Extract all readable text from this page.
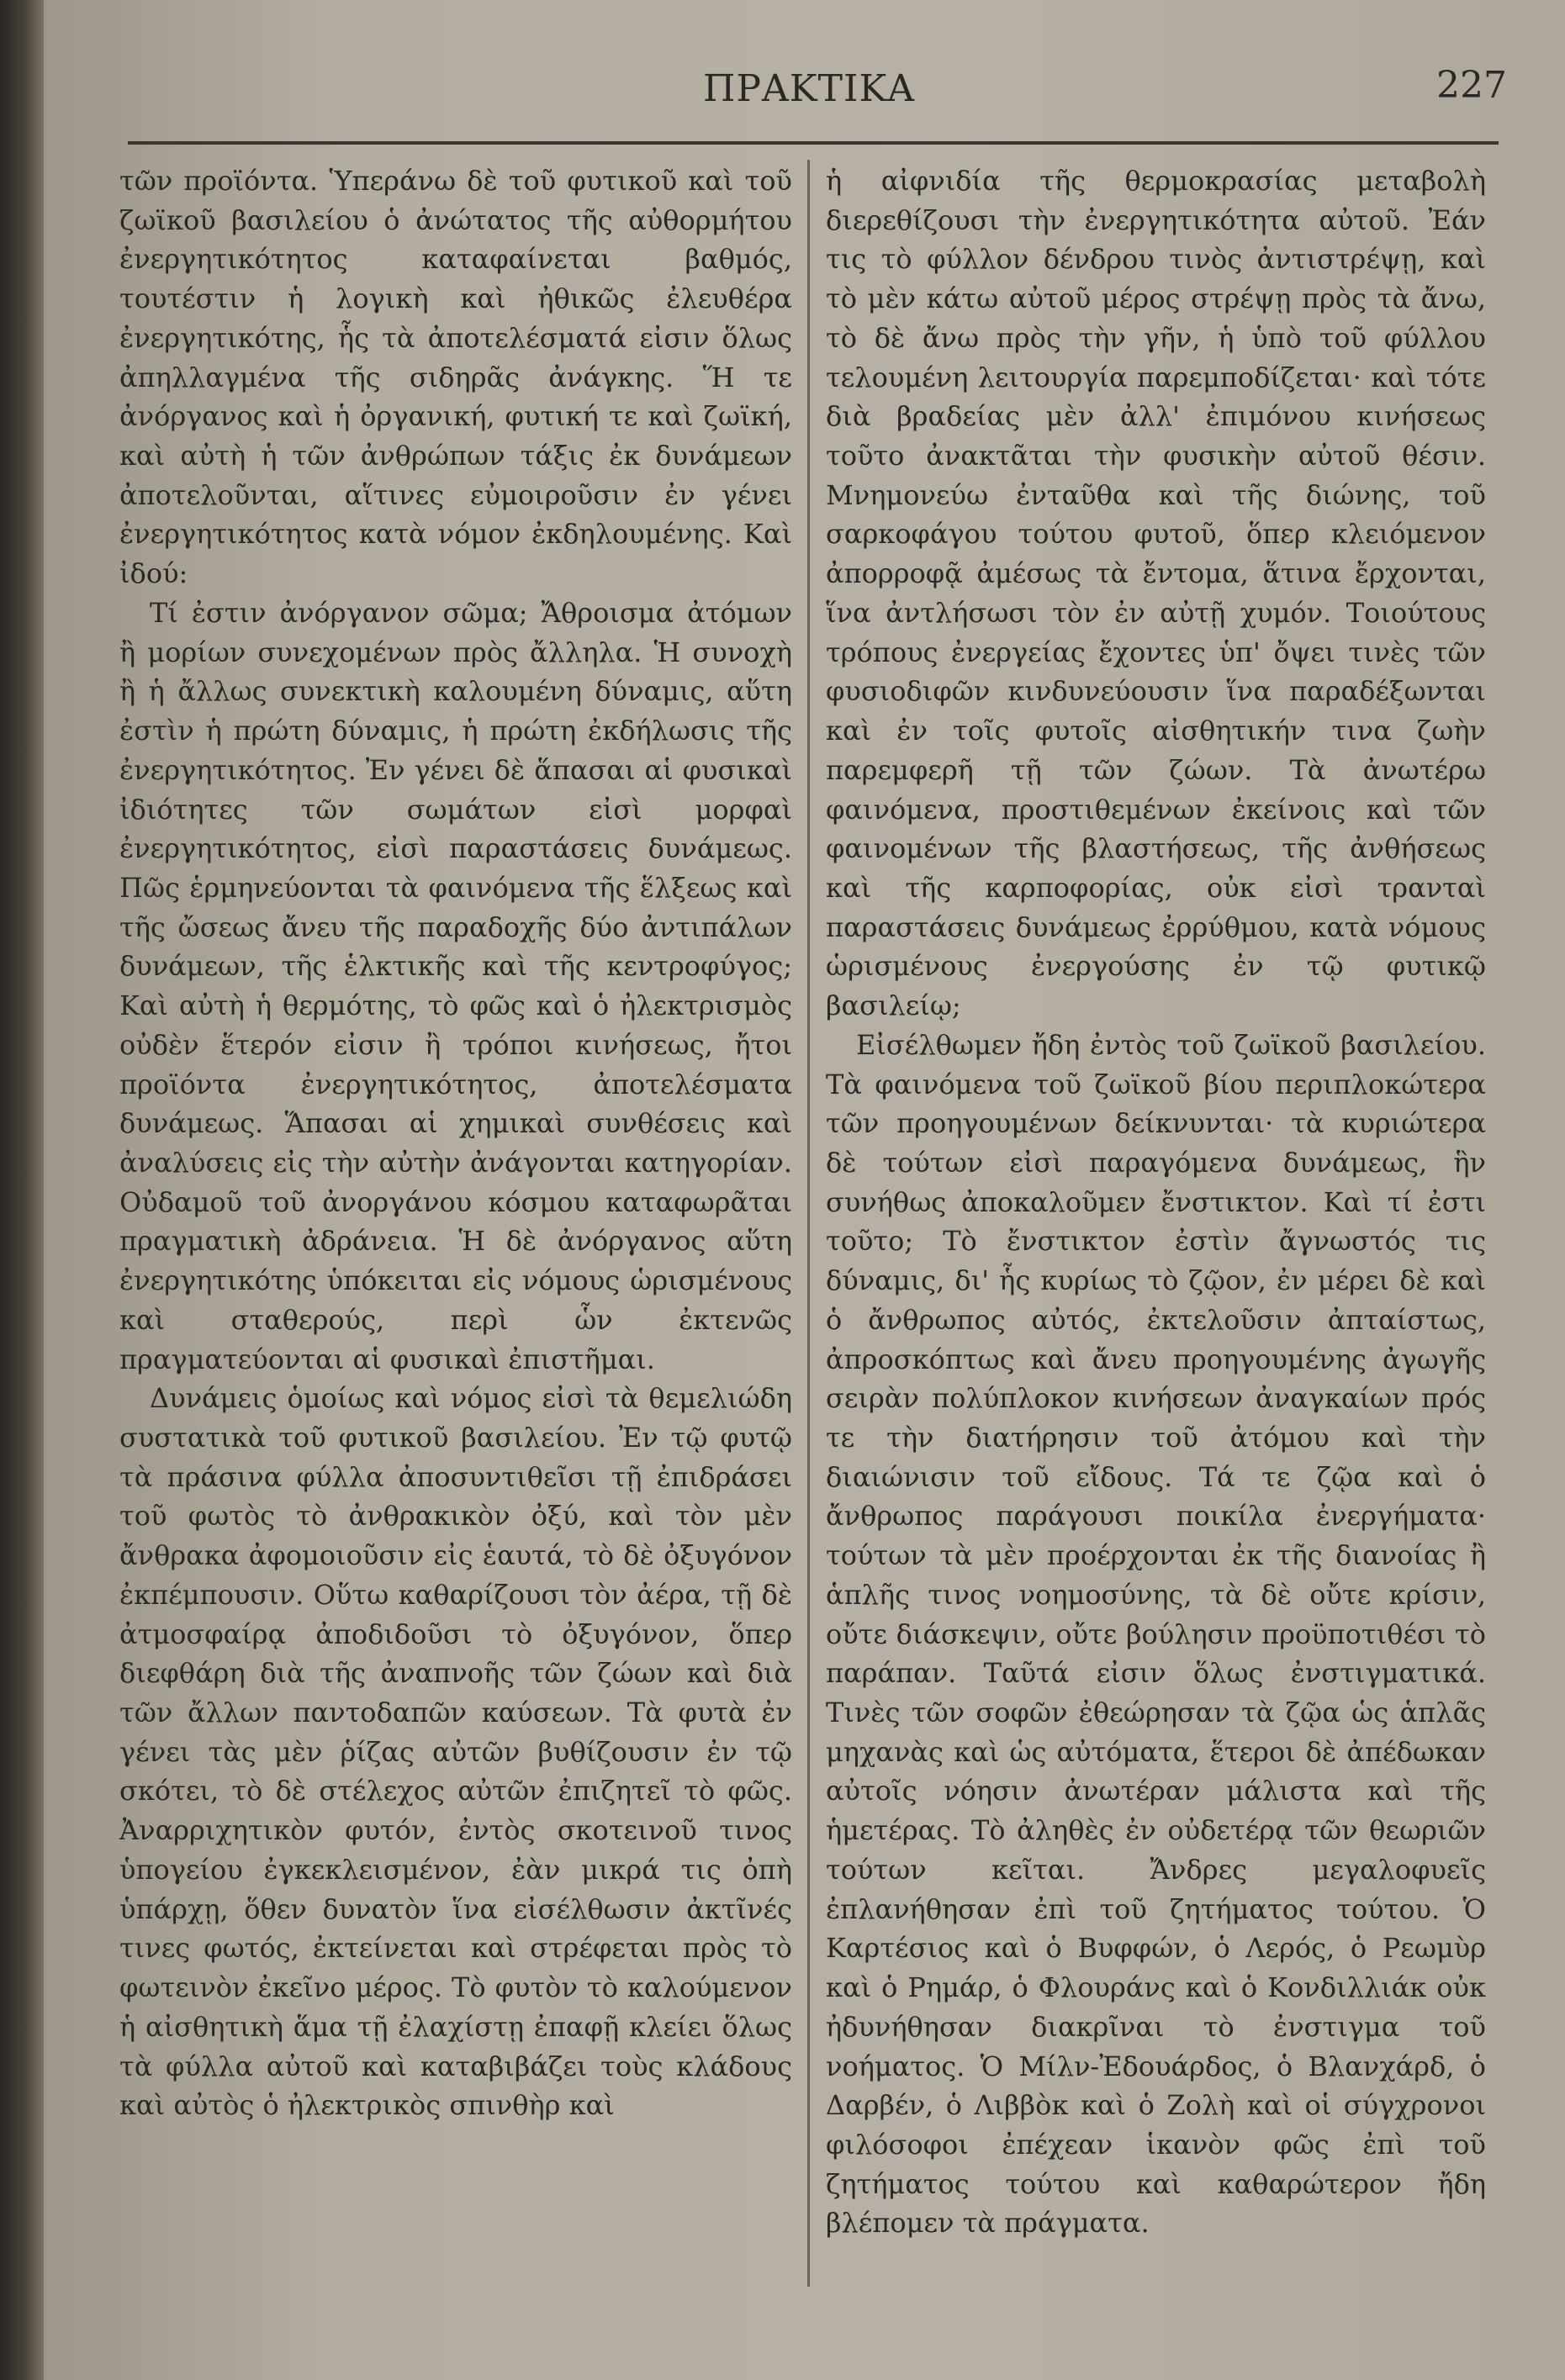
ΠΡΑΚΤΙΚΑ	227

τῶν προϊόντα. Ὑπεράνω δὲ τοῦ φυτικοῦ καὶ τοῦ ζωϊκοῦ βασιλείου ὁ ἀνώτατος τῆς αὐθορμήτου ἐνεργητικότητος καταφαίνεται βαθμός, τουτέστιν ἡ λογικὴ καὶ ἠθικῶς ἐλευθέρα ἐνεργητικότης, ἧς τὰ ἀποτελέσματά εἰσιν ὅλως ἀπηλλαγμένα τῆς σιδηρᾶς ἀνάγκης. Ἥ τε ἀνόργανος καὶ ἡ ὀργανική, φυτική τε καὶ ζωϊκή, καὶ αὐτὴ ἡ τῶν ἀνθρώπων τάξις ἐκ δυνάμεων ἀποτελοῦνται, αἵτινες εὐμοιροῦσιν ἐν γένει ἐνεργητικότητος κατὰ νόμον ἐκδηλουμένης. Καὶ ἰδού:

Τί ἐστιν ἀνόργανον σῶμα; Ἄθροισμα ἀτόμων ἢ μορίων συνεχομένων πρὸς ἄλληλα. Ἡ συνοχὴ ἢ ἡ ἄλλως συνεκτικὴ καλουμένη δύναμις, αὕτη ἐστὶν ἡ πρώτη δύναμις, ἡ πρώτη ἐκδήλωσις τῆς ἐνεργητικότητος. Ἐν γένει δὲ ἅπασαι αἱ φυσικαὶ ἰδιότητες τῶν σωμάτων εἰσὶ μορφαὶ ἐνεργητικότητος, εἰσὶ παραστάσεις δυνάμεως. Πῶς ἑρμηνεύονται τὰ φαινόμενα τῆς ἕλξεως καὶ τῆς ὤσεως ἄνευ τῆς παραδοχῆς δύο ἀντιπάλων δυνάμεων, τῆς ἑλκτικῆς καὶ τῆς κεντροφύγος; Καὶ αὐτὴ ἡ θερμότης, τὸ φῶς καὶ ὁ ἠλεκτρισμὸς οὐδὲν ἕτερόν εἰσιν ἢ τρόποι κινήσεως, ἤτοι προϊόντα ἐνεργητικότητος, ἀποτελέσματα δυνάμεως. Ἅπασαι αἱ χημικαὶ συνθέσεις καὶ ἀναλύσεις εἰς τὴν αὐτὴν ἀνάγονται κατηγορίαν. Οὐδαμοῦ τοῦ ἀνοργάνου κόσμου καταφωρᾶται πραγματικὴ ἀδράνεια. Ἡ δὲ ἀνόργανος αὕτη ἐνεργητικότης ὑπόκειται εἰς νόμους ὡρισμένους καὶ σταθερούς, περὶ ὧν ἐκτενῶς πραγματεύονται αἱ φυσικαὶ ἐπιστῆμαι.

Δυνάμεις ὁμοίως καὶ νόμος εἰσὶ τὰ θεμελιώδη συστατικὰ τοῦ φυτικοῦ βασιλείου. Ἐν τῷ φυτῷ τὰ πράσινα φύλλα ἀποσυντιθεῖσι τῇ ἐπιδράσει τοῦ φωτὸς τὸ ἀνθρακικὸν ὀξύ, καὶ τὸν μὲν ἄνθρακα ἀφομοιοῦσιν εἰς ἑαυτά, τὸ δὲ ὀξυγόνον ἐκπέμπουσιν. Οὕτω καθαρίζουσι τὸν ἀέρα, τῇ δὲ ἀτμοσφαίρᾳ ἀποδιδοῦσι τὸ ὀξυγόνον, ὅπερ διεφθάρη διὰ τῆς ἀναπνοῆς τῶν ζώων καὶ διὰ τῶν ἄλλων παντοδαπῶν καύσεων. Τὰ φυτὰ ἐν γένει τὰς μὲν ῥίζας αὐτῶν βυθίζουσιν ἐν τῷ σκότει, τὸ δὲ στέλεχος αὐτῶν ἐπιζητεῖ τὸ φῶς. Ἀναρριχητικὸν φυτόν, ἐντὸς σκοτεινοῦ τινος ὑπογείου ἐγκεκλεισμένον, ἐὰν μικρά τις ὀπὴ ὑπάρχῃ, ὅθεν δυνατὸν ἵνα εἰσέλθωσιν ἀκτῖνές τινες φωτός, ἐκτείνεται καὶ στρέφεται πρὸς τὸ φωτεινὸν ἐκεῖνο μέρος. Τὸ φυτὸν τὸ καλούμενον ἡ αἰσθητικὴ ἅμα τῇ ἐλαχίστῃ ἐπαφῇ κλείει ὅλως τὰ φύλλα αὐτοῦ καὶ καταβιβάζει τοὺς κλάδους καὶ αὐτὸς ὁ ἠλεκτρικὸς σπινθὴρ καὶ

ἡ αἰφνιδία τῆς θερμοκρασίας μεταβολὴ διερεθίζουσι τὴν ἐνεργητικότητα αὐτοῦ. Ἐάν τις τὸ φύλλον δένδρου τινὸς ἀντιστρέψῃ, καὶ τὸ μὲν κάτω αὐτοῦ μέρος στρέψῃ πρὸς τὰ ἄνω, τὸ δὲ ἄνω πρὸς τὴν γῆν, ἡ ὑπὸ τοῦ φύλλου τελουμένη λειτουργία παρεμποδίζεται· καὶ τότε διὰ βραδείας μὲν ἀλλ' ἐπιμόνου κινήσεως τοῦτο ἀνακτᾶται τὴν φυσικὴν αὐτοῦ θέσιν. Μνημονεύω ἐνταῦθα καὶ τῆς διώνης, τοῦ σαρκοφάγου τούτου φυτοῦ, ὅπερ κλειόμενον ἀπορροφᾷ ἀμέσως τὰ ἔντομα, ἅτινα ἔρχονται, ἵνα ἀντλήσωσι τὸν ἐν αὐτῇ χυμόν. Τοιούτους τρόπους ἐνεργείας ἔχοντες ὑπ' ὄψει τινὲς τῶν φυσιοδιφῶν κινδυνεύουσιν ἵνα παραδέξωνται καὶ ἐν τοῖς φυτοῖς αἰσθητικήν τινα ζωὴν παρεμφερῆ τῇ τῶν ζώων. Τὰ ἀνωτέρω φαινόμενα, προστιθεμένων ἐκείνοις καὶ τῶν φαινομένων τῆς βλαστήσεως, τῆς ἀνθήσεως καὶ τῆς καρποφορίας, οὐκ εἰσὶ τρανταὶ παραστάσεις δυνάμεως ἐρρύθμου, κατὰ νόμους ὡρισμένους ἐνεργούσης ἐν τῷ φυτικῷ βασιλείῳ;

Εἰσέλθωμεν ἤδη ἐντὸς τοῦ ζωϊκοῦ βασιλείου. Τὰ φαινόμενα τοῦ ζωϊκοῦ βίου περιπλοκώτερα τῶν προηγουμένων δείκνυνται· τὰ κυριώτερα δὲ τούτων εἰσὶ παραγόμενα δυνάμεως, ἣν συνήθως ἀποκαλοῦμεν ἔνστικτον. Καὶ τί ἐστι τοῦτο; Τὸ ἔνστικτον ἐστὶν ἄγνωστός τις δύναμις, δι' ἧς κυρίως τὸ ζῷον, ἐν μέρει δὲ καὶ ὁ ἄνθρωπος αὐτός, ἐκτελοῦσιν ἀπταίστως, ἀπροσκόπτως καὶ ἄνευ προηγουμένης ἀγωγῆς σειρὰν πολύπλοκον κινήσεων ἀναγκαίων πρός τε τὴν διατήρησιν τοῦ ἀτόμου καὶ τὴν διαιώνισιν τοῦ εἴδους. Τά τε ζῷα καὶ ὁ ἄνθρωπος παράγουσι ποικίλα ἐνεργήματα· τούτων τὰ μὲν προέρχονται ἐκ τῆς διανοίας ἢ ἁπλῆς τινος νοημοσύνης, τὰ δὲ οὔτε κρίσιν, οὔτε διάσκεψιν, οὔτε βούλησιν προϋποτιθέσι τὸ παράπαν. Ταῦτά εἰσιν ὅλως ἐνστιγματικά. Τινὲς τῶν σοφῶν ἐθεώρησαν τὰ ζῷα ὡς ἁπλᾶς μηχανὰς καὶ ὡς αὐτόματα, ἕτεροι δὲ ἀπέδωκαν αὐτοῖς νόησιν ἀνωτέραν μάλιστα καὶ τῆς ἡμετέρας. Τὸ ἀληθὲς ἐν οὐδετέρᾳ τῶν θεωριῶν τούτων κεῖται. Ἄνδρες μεγαλοφυεῖς ἐπλανήθησαν ἐπὶ τοῦ ζητήματος τούτου. Ὁ Καρτέσιος καὶ ὁ Βυφφών, ὁ Λερός, ὁ Ρεωμὺρ καὶ ὁ Ρημάρ, ὁ Φλουράνς καὶ ὁ Κονδιλλιάκ οὐκ ἠδυνήθησαν διακρῖναι τὸ ἐνστιγμα τοῦ νοήματος. Ὁ Μίλν-Ἐδουάρδος, ὁ Βλανχάρδ, ὁ Δαρβέν, ὁ Λιββὸκ καὶ ὁ Ζολὴ καὶ οἱ σύγχρονοι φιλόσοφοι ἐπέχεαν ἱκανὸν φῶς ἐπὶ τοῦ ζητήματος τούτου καὶ καθαρώτερον ἤδη βλέπομεν τὰ πράγματα.
